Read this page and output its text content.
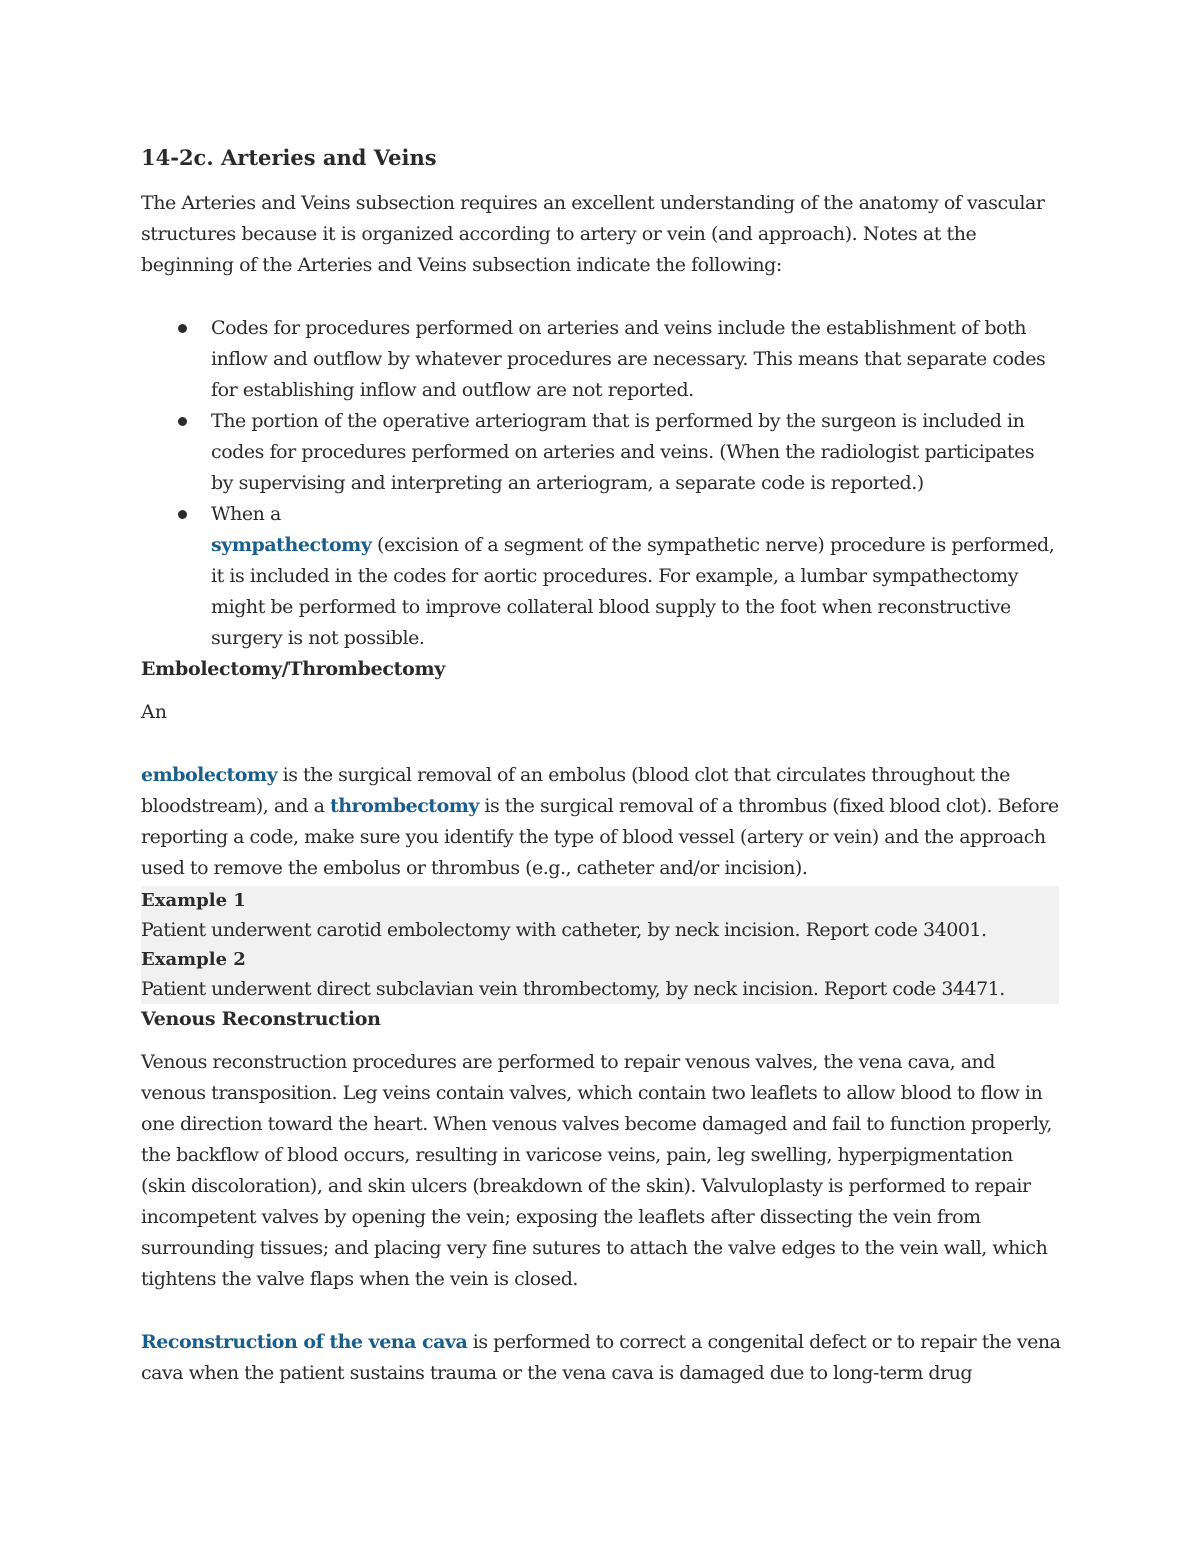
14-2c. Arteries and Veins

The Arteries and Veins subsection requires an excellent understanding of the anatomy of vascular structures because it is organized according to artery or vein (and approach). Notes at the beginning of the Arteries and Veins subsection indicate the following:

Codes for procedures performed on arteries and veins include the establishment of both inflow and outflow by whatever procedures are necessary. This means that separate codes for establishing inflow and outflow are not reported.
The portion of the operative arteriogram that is performed by the surgeon is included in codes for procedures performed on arteries and veins. (When the radiologist participates by supervising and interpreting an arteriogram, a separate code is reported.)
When a
sympathectomy (excision of a segment of the sympathetic nerve) procedure is performed, it is included in the codes for aortic procedures. For example, a lumbar sympathectomy might be performed to improve collateral blood supply to the foot when reconstructive surgery is not possible.
Embolectomy/Thrombectomy

An

embolectomy is the surgical removal of an embolus (blood clot that circulates throughout the bloodstream), and a thrombectomy is the surgical removal of a thrombus (fixed blood clot). Before reporting a code, make sure you identify the type of blood vessel (artery or vein) and the approach used to remove the embolus or thrombus (e.g., catheter and/or incision).

Example 1

Patient underwent carotid embolectomy with catheter, by neck incision. Report code 34001.

Example 2

Patient underwent direct subclavian vein thrombectomy, by neck incision. Report code 34471.

Venous Reconstruction

Venous reconstruction procedures are performed to repair venous valves, the vena cava, and venous transposition. Leg veins contain valves, which contain two leaflets to allow blood to flow in one direction toward the heart. When venous valves become damaged and fail to function properly, the backflow of blood occurs, resulting in varicose veins, pain, leg swelling, hyperpigmentation (skin discoloration), and skin ulcers (breakdown of the skin). Valvuloplasty is performed to repair incompetent valves by opening the vein; exposing the leaflets after dissecting the vein from surrounding tissues; and placing very fine sutures to attach the valve edges to the vein wall, which tightens the valve flaps when the vein is closed.

Reconstruction of the vena cava is performed to correct a congenital defect or to repair the vena cava when the patient sustains trauma or the vena cava is damaged due to long-term drug
